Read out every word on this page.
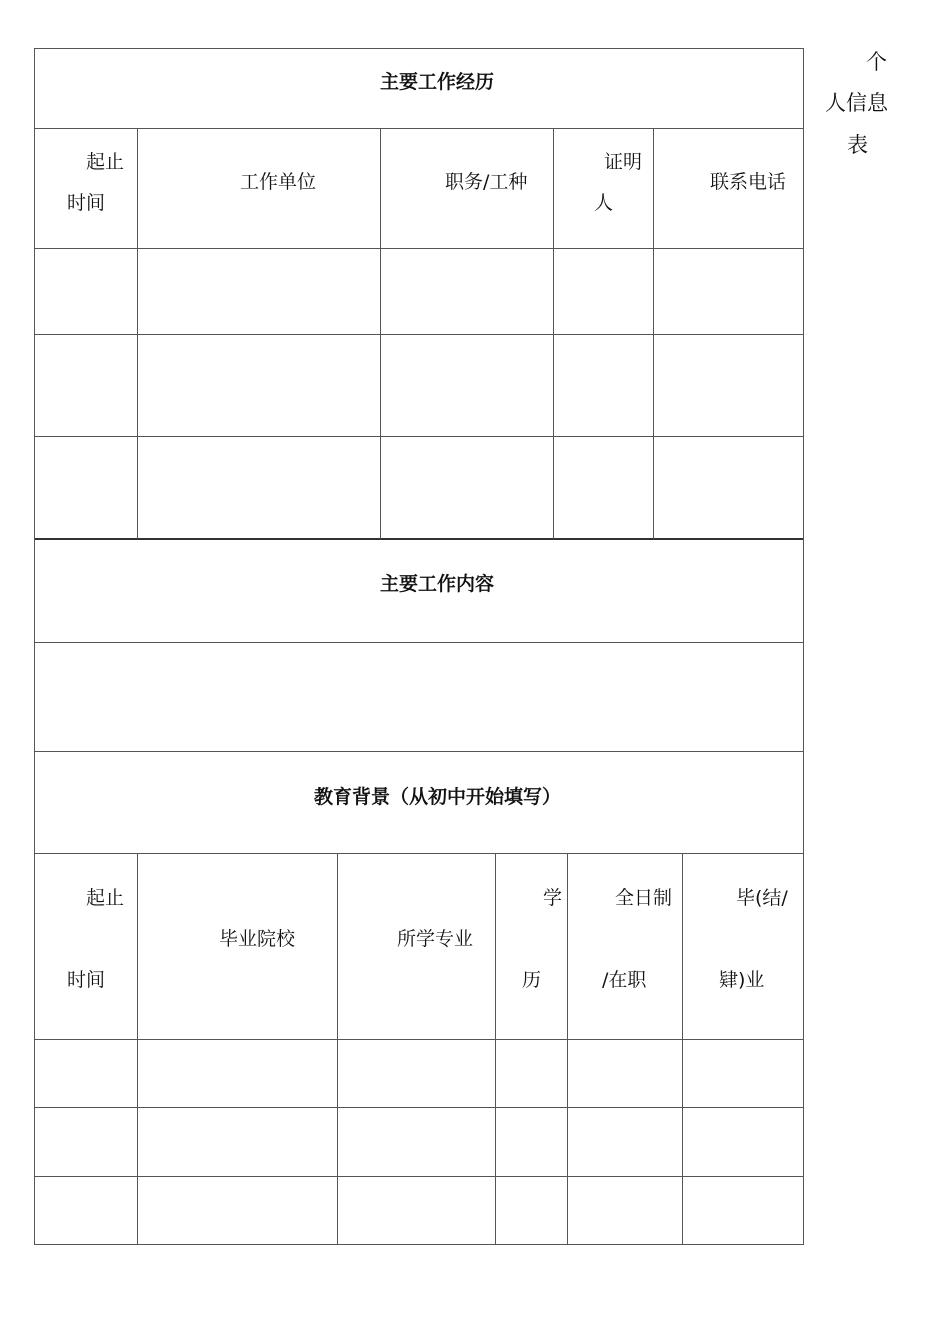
个
人信息
表
主要工作经历
起止
时间
工作单位	职务/工种
证明
人
联系电话
主要工作内容
教育背景（从初中开始填写）
起止
时间
毕业院校	所学专业
学
历
全日制
/在职
毕(结/
肄)业
